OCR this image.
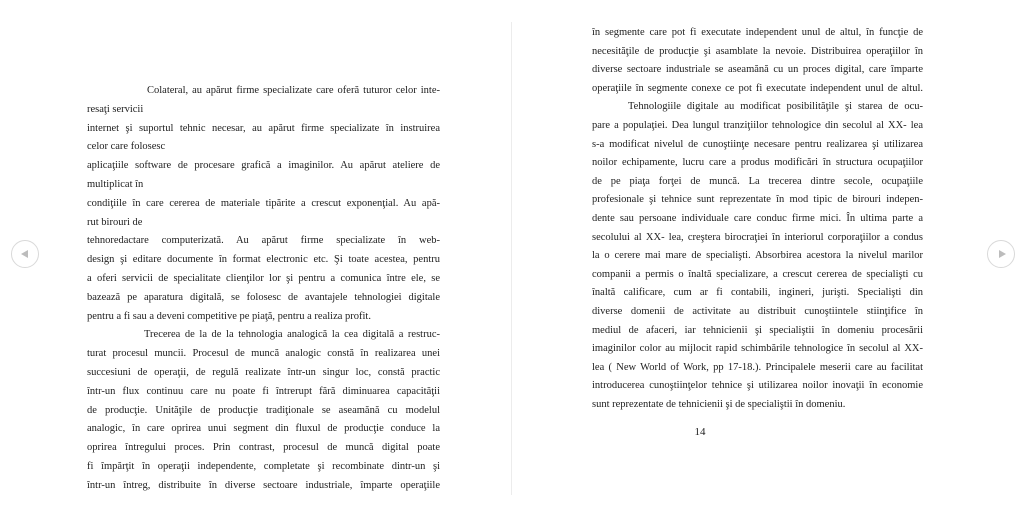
Colateral, au apărut firme specializate care oferă tuturor celor inte-
resaţi servicii
internet şi suportul tehnic necesar, au apărut firme specializate în instruirea
celor care folosesc
aplicaţiile software de procesare grafică a imaginilor. Au apărut ateliere de
multiplicat în
condiţiile în care cererea de materiale tipărite a crescut exponenţial. Au apă-
rut birouri de
tehnoredactare computerizată. Au apărut firme specializate în web-
design şi editare documente în format electronic etc. Şi toate acestea, pentru
a oferi servicii de specialitate clienţilor lor şi pentru a comunica între ele, se
bazează pe aparatura digitală, se folosesc de avantajele tehnologiei digitale
pentru a fi sau a deveni competitive pe piaţă, pentru a realiza profit.
Trecerea de la de la tehnologia analogică la cea digitală a restruc-
turat procesul muncii. Procesul de muncă analogic constă în realizarea unei
succesiuni de operaţii, de regulă realizate într-un singur loc, constă practic
într-un flux continuu care nu poate fi întrerupt fără diminuarea capacităţii
de producţie. Unităţile de producţie tradiţionale se aseamănă cu modelul
analogic, în care oprirea unui segment din fluxul de producţie conduce la
oprirea întregului proces. Prin contrast, procesul de muncă digital poate
fi împărţit în operaţii independente, completate şi recombinate dintr-un şi
într-un întreg, distribuite în diverse sectoare industriale, împarte operaţiile
în segmente care pot fi executate independent unul de altul, în funcţie de
necesităţile de producţie şi asamblate la nevoie. Distribuirea operaţiilor în
diverse sectoare industriale se aseamănă cu un proces digital, care împarte
operaţiile în segmente conexe ce pot fi executate independent unul de altul.
Tehnologiile digitale au modificat posibilităţile şi starea de ocu-
pare a populaţiei. Dea lungul tranziţiilor tehnologice din secolul al XX- lea
s-a modificat nivelul de cunoştiinţe necesare pentru realizarea şi utilizarea
noilor echipamente, lucru care a produs modificări în structura ocupaţiilor
de pe piaţa forţei de muncă. La trecerea dintre secole, ocupaţiile
profesionale şi tehnice sunt reprezentate în mod tipic de birouri indepen-
dente sau persoane individuale care conduc firme mici. În ultima parte a
secolului al XX- lea, creştera birocraţiei în interiorul corporaţiilor a condus
la o cerere mai mare de specialişti. Absorbirea acestora la nivelul marilor
companii a permis o înaltă specializare, a crescut cererea de specialişti cu
înaltă calificare, cum ar fi contabili, ingineri, jurişti. Specialişti din
diverse domenii de activitate au distribuit cunoştiintele stiinţifice în
mediul de afaceri, iar tehnicienii şi specialiştii în domeniu procesării
imaginilor color au mijlocit rapid schimbările tehnologice în secolul al XX-
lea ( New World of Work, pp 17-18.). Principalele meserii care au facilitat
introducerea cunoştiinţelor tehnice şi utilizarea noilor inovaţii în economie
sunt reprezentate de tehnicienii şi de specialiştii în domeniu.
14
